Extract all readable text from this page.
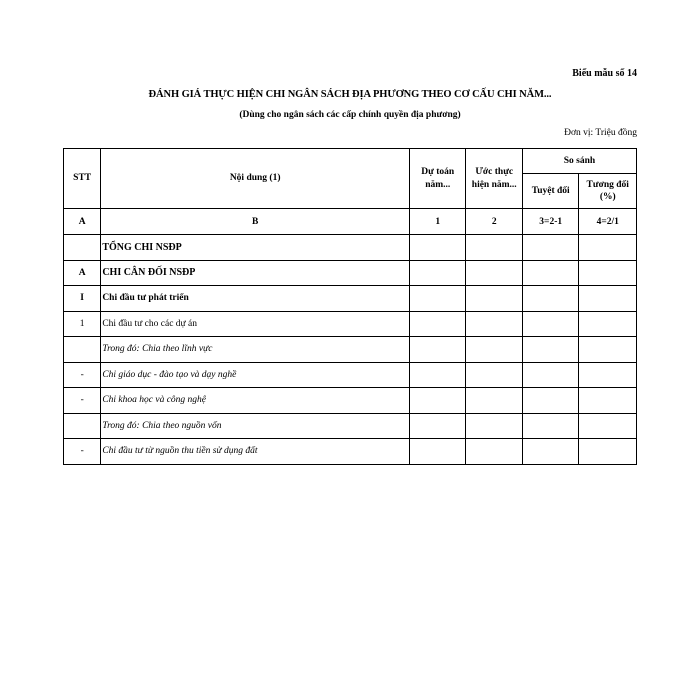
Biểu mẫu số 14
ĐÁNH GIÁ THỰC HIỆN CHI NGÂN SÁCH ĐỊA PHƯƠNG THEO CƠ CẤU CHI NĂM...
(Dùng cho ngân sách các cấp chính quyền địa phương)
Đơn vị: Triệu đồng
STT	Nội dung (1)	Dự toán năm...	Ước thực hiện năm...	So sánh	
				Tuyệt đối	Tương đối (%)
A	B	1	2	3=2-1	4=2/1
	TỔNG CHI NSĐP				
A	CHI CÂN ĐỐI NSĐP				
I	Chi đầu tư phát triển				
1	Chi đầu tư cho các dự án				
	Trong đó: Chia theo lĩnh vực				
-	Chi giáo dục - đào tạo và dạy nghề				
-	Chi khoa học và công nghệ				
	Trong đó: Chia theo nguồn vốn				
-	Chi đầu tư từ nguồn thu tiền sử dụng đất				
